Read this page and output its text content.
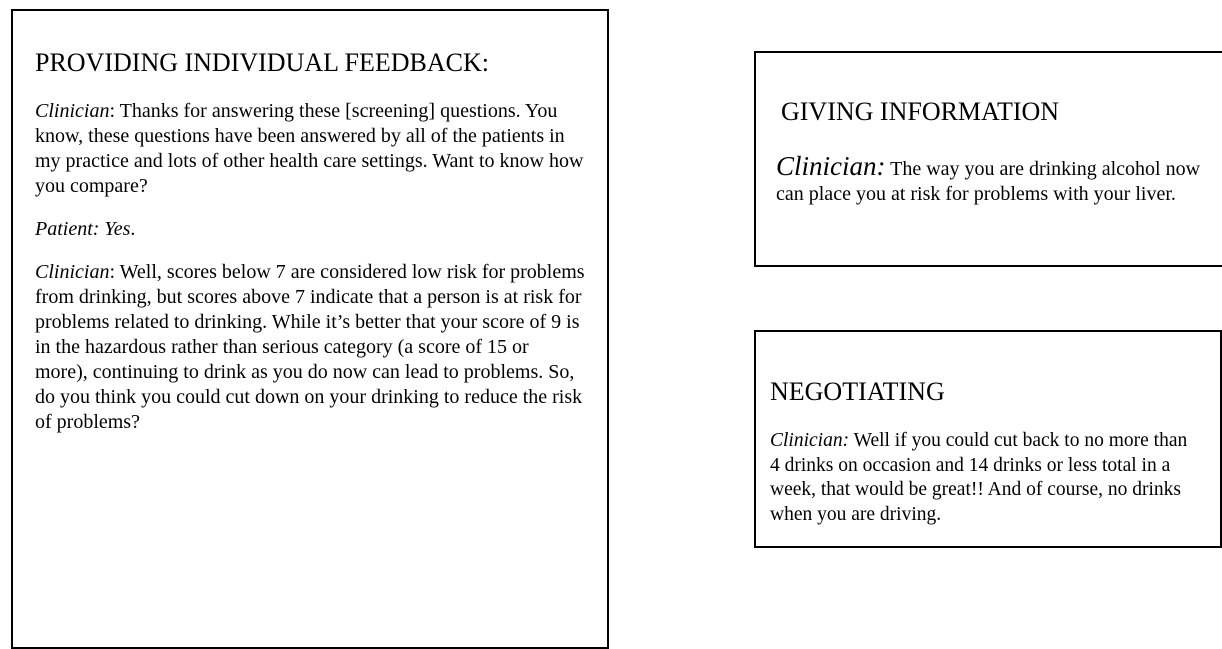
PROVIDING INDIVIDUAL FEEDBACK:

Clinician: Thanks for answering these [screening] questions. You know, these questions have been answered by all of the patients in my practice and lots of other health care settings. Want to know how you compare?

Patient: Yes.

Clinician: Well, scores below 7 are considered low risk for problems from drinking, but scores above 7 indicate that a person is at risk for problems related to drinking. While it’s better that your score of 9 is in the hazardous rather than serious category (a score of 15 or more), continuing to drink as you do now can lead to problems. So, do you think you could cut down on your drinking to reduce the risk of problems?

GIVING INFORMATION

Clinician: The way you are drinking alcohol now can place you at risk for problems with your liver.

NEGOTIATING

Clinician: Well if you could cut back to no more than 4 drinks on occasion and 14 drinks or less total in a week, that would be great!! And of course, no drinks when you are driving.
